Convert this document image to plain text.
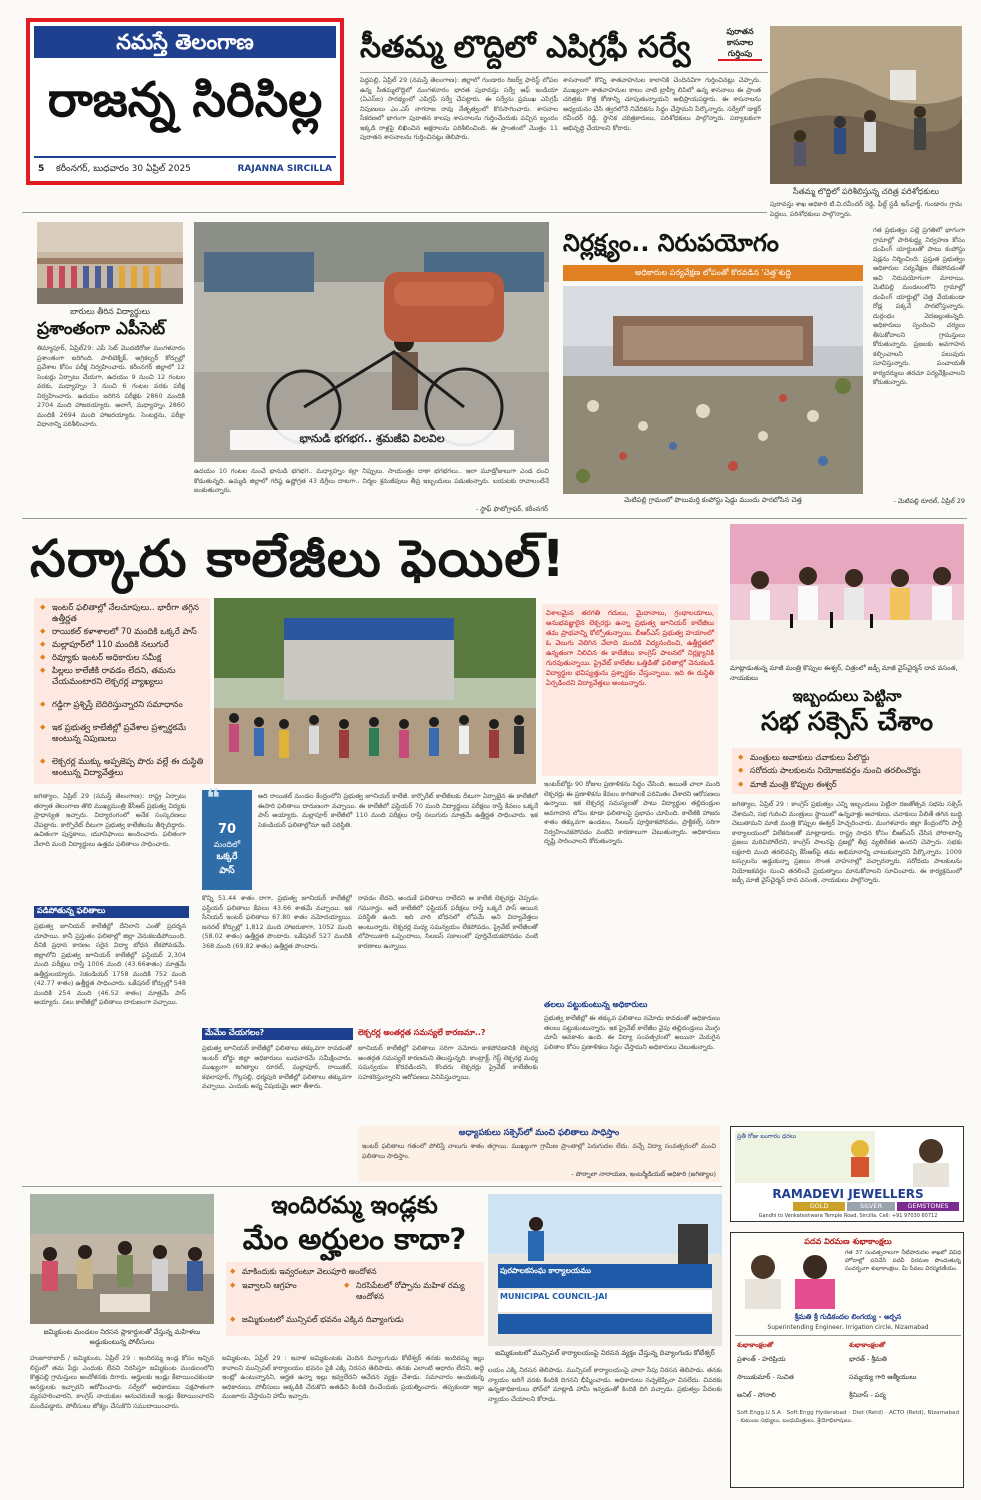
నమస్తే తెలంగాణ
రాజన్న సిరిసిల్ల
5 కరీంనగర్, బుధవారం 30 ఏప్రిల్ 2025	RAJANNA SIRCILLA
సీతమ్మ లొద్దిలో ఎపిగ్రఫీ సర్వే	పురాతన కాసనాల గుర్తింపు
పెద్దపల్లి, ఏప్రిల్ 29 (నమస్తే తెలంగాణ): జిల్లాలో గుండారం రిజర్వ్ ఫారెస్ట్ లోపల ఉన్న సీతమ్మలొద్దిలో మంగళవారం భారత పురావస్తు సర్వే ఆఫ్ ఇండియా (ఏఎస్‌ఐ) సారథ్యంలో ఎపిగ్రఫీ సర్వే చేపట్టారు. ఈ సర్వేను ప్రముఖ ఎపిగ్రఫీ నిపుణులు ఎం.ఎస్ నాగరాజ రావు నేతృత్వంలో కొనసాగించారు. శాసనాల సేకరణలో భాగంగా పురాతన కాలపు శాసనాలను గుర్తించేందుకు వచ్చిన బృందం ఇక్కడి రాళ్లపై లిఖించిన అక్షరాలను పరిశీలించింది. ఈ ప్రాంతంలో మొత్తం 11 పురాతన శాసనాలను గుర్తించినట్లు తెలిపారు.
శాసనాలలో కొన్ని శాతవాహనుల కాలానికి చెందినవిగా గుర్తించినట్లు చెప్పారు. ముఖ్యంగా శాతవాహనుల కాలం నాటి బ్రాహ్మీ లిపిలో ఉన్న శాసనాలు ఈ ప్రాంత చరిత్రకు కొత్త కోణాన్ని చూపుతున్నాయని అభిప్రాయపడ్డారు. ఈ శాసనాలను అధ్యయనం చేసి త్వరలోనే నివేదికను సిద్ధం చేస్తామని పేర్కొన్నారు. సర్వేలో డాక్టర్ రవీందర్ రెడ్డి, స్థానిక చరిత్రకారులు, పరిశోధకులు పాల్గొన్నారు. పర్యాటకంగా అభివృద్ధి చేయాలని కోరారు.
సీతమ్మ లొద్దిలో పరిశీలిస్తున్న చరిత్ర పరిశోధకులు
పురావస్తు శాఖ అధికారి టి.వి.రవీందర్ రెడ్డి, ఫీల్డ్ స్టడీ ఇన్‌ఛార్జ్, గుండారం గ్రామ పెద్దలు, పరిశోధకులు పాల్గొన్నారు.
బారులు తీరిన విద్యార్థులు
ప్రశాంతంగా ఎపీసెట్
తిమ్మాపూర్, ఏప్రిల్29: ఎపీ సెట్ మొదటిరోజు మంగళవారం ప్రశాంతంగా జరిగింది. పాలిటెక్నిక్, అగ్రికల్చర్ కోర్సుల్లో ప్రవేశాల కోసం పరీక్ష నిర్వహించారు. కరీంనగర్ జిల్లాలో 12 సెంటర్లు ఏర్పాటు చేయగా, ఉదయం 9 నుంచి 12 గంటల వరకు, మధ్యాహ్నం 3 నుంచి 6 గంటల వరకు పరీక్ష నిర్వహించారు. ఉదయం జరిగిన పరీక్షకు 2860 మందికి 2704 మంది హాజరయ్యారు. అలాగే, మధ్యాహ్నం 2860 మందికి 2694 మంది హాజరయ్యారు. సెంటర్లను, పరీక్షా విధానాన్ని పరిశీలించారు.
భానుడి భగభగ.. శ్రమజీవి విలవిల
ఉదయం 10 గంటల నుంచే భానుడి భగభగ.. మధ్యాహ్నం కల్లా నిప్పులు. సాయంత్రం దాకా భగభగలు.. ఇలా మూడ్రోజులుగా ఎండ దంచి కొడుతున్నది. ఉమ్మడి జిల్లాలో గరిష్ఠ ఉష్ణోగ్రత 43 డిగ్రీలు దాటగా.. నిర్మల శ్రమజీవులు తీవ్ర ఇబ్బందులు పడుతున్నారు. బయటకు రావాలంటేనే జంకుతున్నారు.
- స్టాఫ్ ఫొటోగ్రాఫర్, కరీంనగర్
నిర్లక్ష్యం.. నిరుపయోగం
అధికారుల పర్యవేక్షణ లోపంతో కొరవడిన 'చెత్త'శుద్ధి
మెటిపల్లి గ్రామంలో పొలుమర్తి కంపోస్టు షెడ్డు ముందు పారబోసిన చెత్త
గత ప్రభుత్వం పల్లె ప్రగతిలో భాగంగా గ్రామాల్లో పారిశుద్ధ్య నిర్వహణ కోసం డంపింగ్ యార్డులతో పాటు కంపోస్టు షెడ్లను నిర్మించింది. ప్రస్తుత ప్రభుత్వం అధికారుల పర్యవేక్షణ లేకపోవడంతో అవి నిరుపయోగంగా మారాయి. మెటిపల్లి మండలంలోని గ్రామాల్లో డంపింగ్ యార్డుల్లో చెత్త వేయకుండా రోడ్ల పక్కనే పారబోస్తున్నారు. దుర్గంధం వెదజల్లుతున్నది. అధికారులు స్పందించి చర్యలు తీసుకోవాలని గ్రామస్తులు కోరుతున్నారు. ప్రజలకు అవగాహన కల్పించాలని పలువురు సూచిస్తున్నారు. పంచాయతీ కార్యదర్శులు తరచూ పర్యవేక్షించాలని కోరుతున్నారు.
- మెటిపల్లి రూరల్, ఏప్రిల్ 29
సర్కారు కాలేజీలు ఫెయిల్!
◆ ఇంటర్ ఫలితాల్లో నేలచూపులు.. భారీగా తగ్గిన ఉత్తీర్ణత
◆ రాయికల్ కళాశాలలో 70 మందికి ఒక్కరే పాస్
◆ మల్లాపూర్‌లో 110 మందికి నలుగురే
◆ రివ్యూకు ఇంటర్ అధికారుల సమీక్ష
◆ పిల్లలు కాలేజీకి రావడం లేదని, తమను చేయమంటారని లెక్చరర్ల వ్యాఖ్యలు
◆ గడ్డిగా ప్రశ్నిస్తే బెదిరిస్తున్నారని సమాధానం
◆ ఇక ప్రభుత్వ కాలేజీల్లో ప్రవేశాల ప్రశ్నార్థకమే అంటున్న నిపుణులు
◆ లెక్చరర్ల ముక్కు అప్పజెప్ప పొరు వల్లే ఈ దుస్థితి అంటున్న విద్యావేత్తలు
విశాలమైన తరగతి గదులు, మైదానాలు, గ్రంథాలయాలు, అనుభవజ్ఞులైన లెక్చరర్లు ఉన్నా ప్రభుత్వ జూనియర్ కాలేజీలు తమ ప్రాభవాన్ని కోల్పోతున్నాయి. బీఆర్ఎస్ ప్రభుత్వ హయాంలో ఓ వెలుగు వెలిగిన వేలాది మందికి విద్యనందించి, ఉత్తీర్ణతలో ఉన్నతంగా నిలిచిన ఈ కాలేజీలు కాంగ్రెస్ పాలనలో నిర్లక్ష్యానికి గురవుతున్నాయి. ప్రైవేట్ కాలేజీల ఒత్తిడితో ఫలితాల్లో వెనుకబడి విద్యార్థుల భవిష్యత్తును ప్రశ్నార్థకం చేస్తున్నాయి. ఇది ఈ దుస్థితి ఏర్పడిందని విద్యావేత్తలు అంటున్నారు.
జగిత్యాల, ఏప్రిల్ 29 (నమస్తే తెలంగాణ): రాష్ట్ర ఏర్పాటు తర్వాత తెలంగాణ తొలి ముఖ్యమంత్రి కేసీఆర్ ప్రభుత్వ విద్యకు ప్రాధాన్యత ఇచ్చారు. విద్యారంగంలో అనేక సంస్కరణలు చేపట్టారు. కార్పొరేట్ దీటుగా ప్రభుత్వ కాలేజీలను తీర్చిదిద్దారు. ఉచితంగా పుస్తకాలు, యూనిఫాంలు అందించారు. ఫలితంగా వేలాది మంది విద్యార్థులు ఉత్తమ ఫలితాలు సాధించారు.
పడిపోతున్న ఫలితాలు
ప్రభుత్వ జూనియర్ కాలేజీల్లో దేనిలాని ఎంతో ప్రదర్శన చూపాయి. కానీ ప్రస్తుతం ఫలితాల్లో జిల్లా వెనుకబడిపోయింది. దీనికి ప్రధాన కారణం సరైన విద్యా బోధన లేకపోవడమే. జిల్లాలోని ప్రభుత్వ జూనియర్ కాలేజీల్లో ఫస్టియర్ 2,304 మంది పరీక్షలు రాస్తే 1006 మంది (43.66శాతం) మాత్రమే ఉత్తీర్ణులయ్యారు. సెకండియర్ 1758 మందికి 752 మంది (42.77 శాతం) ఉత్తీర్ణత సాధించారు. ఒకేషనల్ కోర్సుల్లో 548 మందికి 254 మంది (46.52 శాతం) మాత్రమే పాస్ అయ్యారు. పలు కాలేజీల్లో ఫలితాలు దారుణంగా వచ్చాయి.
❝
70
మందిలో
ఒక్కరే
పాస్
అది రాయికల్ మండల కేంద్రంలోని ప్రభుత్వ జూనియర్ కాలేజీ. కార్పొరేట్ కాలేజీలకు దీటుగా ఏర్పాటైన ఈ కాలేజీలో ఈసారి ఫలితాలు దారుణంగా వచ్చాయి. ఈ కాలేజీలో ఫస్టియర్ 70 మంది విద్యార్థులు పరీక్షలు రాస్తే కేవలం ఒక్కరే పాస్ అయ్యారు. మల్లాపూర్ కాలేజీలో 110 మంది పరీక్షలు రాస్తే నలుగురు మాత్రమే ఉత్తీర్ణత సాధించారు. ఇక సెకండియర్ ఫలితాల్లోనూ ఇదే పరిస్థితి.
కొన్ని 51.44 శాతం రాగా, ప్రభుత్వ జూనియర్ కాలేజీల్లో ఫస్టియర్ ఫలితాలు కేవలం 43.66 శాతమే వచ్చాయి. ఇక సీనియర్ ఇంటర్ ఫలితాలు 67.80 శాతం నమోదయ్యాయి. జనరల్ కోర్సుల్లో 1,812 మంది హాజరుకాగా, 1052 మంది (58.02 శాతం) ఉత్తీర్ణత పొందారు. ఒకేషనల్ 527 మందికి 368 మంది (69.82 శాతం) ఉత్తీర్ణత పొందారు.
మేమేం చేయగలం?
ప్రభుత్వ జూనియర్ కాలేజీల్లో ఫలితాలు తక్కువగా రావడంతో ఇంటర్ బోర్డు జిల్లా అధికారులు బుధవారమే సమీక్షించారు. ముఖ్యంగా జగిత్యాల రూరల్, మల్లాపూర్, రాయికల్, కథలాపూర్, గొల్లపల్లి, ధర్మపురి కాలేజీల్లో ఫలితాలు తక్కువగా వచ్చాయి. ఎందుకు అన్న విషయమై ఆరా తీశారు.
రావడం లేదని, అందుకే ఫలితాలు రాలేదని ఆ కాలేజీ లెక్చరర్లు చెప్పడం గమనార్హం. అదే కాలేజీలో ఫస్టియర్ పరీక్షలు రాస్తే ఒక్కరే పాస్ అయిన పరిస్థితి ఉంది. ఇది వారి బోధనలో లోపమే అని విద్యావేత్తలు అంటున్నారు. లెక్చరర్ల మధ్య సమన్వయం లేకపోవడం, ప్రైవేట్ కాలేజీలతో లోపాయికారి ఒప్పందాలు, సిలబస్ సకాలంలో పూర్తిచేయకపోవడం వంటి కారణాలు ఉన్నాయి.
లెక్చరర్ల అంతర్గత సమస్యలే కారణమా..?
జూనియర్ కాలేజీల్లో ఫలితాలు సరిగా నమోదు కాకపోవడానికి లెక్చరర్ల అంతర్గత సమస్యలే కారణమని తెలుస్తున్నది. కాంట్రాక్ట్, గెస్ట్ లెక్చరర్ల మధ్య సమన్వయం కొరవడిందని, కొందరు లెక్చరర్లు ప్రైవేట్ కాలేజీలకు సహకరిస్తున్నారని ఆరోపణలు వినిపిస్తున్నాయి.
ఇంటర్‌బోర్డు 90 రోజుల ప్రణాళికను సిద్ధం చేసింది. అయితే చాలా మంది లెక్చరర్లు ఈ ప్రణాళికను కేవలం కాగితాలకే పరిమితం చేశారని ఆరోపణలు ఉన్నాయి. ఇక లెక్చరర్ల సమస్యలతో పాటు విద్యార్థుల తల్లిదండ్రుల అవగాహన లోపం కూడా ఫలితాలపై ప్రభావం చూపింది. కాలేజీకి హాజరు శాతం తక్కువగా ఉండటం, సిలబస్ పూర్తికాకపోవడం, ప్రాక్టికల్స్ సరిగా నిర్వహించకపోవడం వంటివి కారణాలుగా చెబుతున్నారు. అధికారులు దృష్టి సారించాలని కోరుతున్నారు.
తలలు పట్టుకుంటున్న అధికారులు
ప్రభుత్వ కాలేజీల్లో ఈ తక్కువ ఫలితాలు నమోదు కావడంతో అధికారులు తలలు పట్టుకుంటున్నారు. ఇక ప్రైవేట్ కాలేజీల వైపు తల్లిదండ్రులు మొగ్గు చూపే అవకాశం ఉంది. ఈ విద్యా సంవత్సరంలో అయినా మెరుగైన ఫలితాల కోసం ప్రణాళికలు సిద్ధం చేస్తామని అధికారులు చెబుతున్నారు.
అధ్యాపకులు సక్సెస్‌లో మంచి ఫలితాలు సాధిస్తాం
ఇంటర్ ఫలితాలు గతంలో పోలిస్తే నాలుగు శాతం తగ్గాయి. ముఖ్యంగా గ్రామీణ ప్రాంతాల్లో పెరుగుదల లేదు. వచ్చే విద్యా సంవత్సరంలో మంచి ఫలితాలు సాధిస్తాం.
- పొర్నాలా నారాయణ, ఇంటర్మీడియట్ అధికారి (జగిత్యాల)
మాట్లాడుతున్న మాజీ మంత్రి కొప్పుల ఈశ్వర్, చిత్రంలో జడ్పీ మాజీ వైస్‌చైర్మన్ దావ వసంత, నాయకులు
ఇబ్బందులు పెట్టినా
సభ సక్సెస్ చేశాం
◆ మంత్రులు అవాకులు చవాకులు పేలొద్దు
◆ సరోదయ పాలకులను నియోజకవర్గం నుంచి తరలించొద్దు
◆ మాజీ మంత్రి కొప్పుల ఈశ్వర్
జగిత్యాల, ఏప్రిల్ 29 : కాంగ్రెస్ ప్రభుత్వం ఎన్ని ఇబ్బందులు పెట్టినా రజతోత్సవ సభను సక్సెస్ చేశామని, సభ గురించి మంత్రులు స్థాయిలో ఉన్నవాళ్లు అవాకులు, చవాకులు పేలితే తగిన బుద్ధి చెబుతామని మాజీ మంత్రి కొప్పుల ఈశ్వర్ హెచ్చరించారు. మంగళవారం జిల్లా కేంద్రంలోని పార్టీ కార్యాలయంలో విలేకరులతో మాట్లాడారు. రాష్ట్ర సాధన కోసం బీఆర్ఎస్ చేసిన పోరాటాన్ని ప్రజలు మరిచిపోలేదని, కాంగ్రెస్ పాలనపై ప్రజల్లో తీవ్ర వ్యతిరేకత ఉందని చెప్పారు. సభకు లక్షలాది మంది తరలివచ్చి కేసీఆర్‌పై తమ అభిమానాన్ని చాటుకున్నారని పేర్కొన్నారు. 1009 బస్సులను అడ్డుకున్నా ప్రజలు సొంత వాహనాల్లో వచ్చారన్నారు. సరోదయ పాలకులను నియోజకవర్గం నుంచి తరలించే ప్రయత్నాలు మానుకోవాలని సూచించారు. ఈ కార్యక్రమంలో జడ్పీ మాజీ వైస్‌చైర్మన్ దావ వసంత, నాయకులు పాల్గొన్నారు.
జమ్మికుంట మండలం నిరసన ప్లాకార్డులతో వేస్తున్న మహిళలు అడ్డుకుంటున్న పోలీసులు
ఇందిరమ్మ ఇండ్లకు
మేం అర్హులం కాదా?
◆ మాకిందుకు ఇవ్వరంటూ వెలుపూరి అందోళన
◆ ఇవ్వాలని ఆగ్రహం
◆	నిరసిపేటలో రోప్పాను మహిళ రమ్య ఆందోళన
◆ జమ్మికుంటలో మున్సిపల్ భవనం ఎక్కిన దివ్యాంగుడు
పురపాలకసంఘ కార్యాలయము
MUNICIPAL COUNCIL-JAI
జమ్మికుంటలో మున్సిపల్ కార్యాలయంపై నిరసన వ్యక్తం చేస్తున్న దివ్యాంగుడు కోటేశ్వర్
హుజూరాబాద్ / జమ్మికుంట, ఏప్రిల్ 29 : ఇందిరమ్మ ఇండ్ల కోసం ఇచ్చిన లిస్టులో తమ పేర్లు ఎందుకు లేవని నిరసిస్తూ జమ్మికుంట మండలంలోని కొత్తపల్లి గ్రామస్తులు అందోళనకు దిగారు. అర్హులకు ఇండ్లు కేటాయించకుండా అనర్హులకు ఇచ్చారని ఆరోపించారు. సర్వేలో అధికారులు పక్షపాతంగా వ్యవహరించారని, కాంగ్రెస్ నాయకుల అనుచరులకే ఇండ్లు కేటాయించారని మండిపడ్డారు. పోలీసులు జోక్యం చేసుకొని సముదాయించారు.
జమ్మికుంట, ఏప్రిల్ 29 : ఇవాళ జమ్మికుంటకు చెందిన దివ్యాంగుడు కోటేశ్వర్ తనకు ఇందిరమ్మ ఇల్లు కావాలని మున్సిపల్ కార్యాలయం భవనం పైకి ఎక్కి నిరసన తెలిపాడు. తనకు ఎలాంటి ఆధారం లేదని, అద్దె ఇంట్లో ఉంటున్నానని, అర్హత ఉన్నా ఇల్లు ఇవ్వలేదని ఆవేదన వ్యక్తం చేశాడు. సమాచారం అందుకున్న అధికారులు, పోలీసులు అక్కడికి చేరుకొని అతడిని కిందికి దించేందుకు ప్రయత్నించారు. తప్పకుండా ఇల్లు మంజూరు చేస్తామని హామీ ఇచ్చారు.
లయం ఎక్కి నిరసన తెలిపాడు. మున్సిపల్ కార్యాలయంపై చాలా సేపు నిరసన తెలిపాడు. తనకు న్యాయం జరిగే వరకు కిందికి దిగనని భీష్మించాడు. అధికారులు నచ్చజెప్పినా వినలేదు. చివరకు ఉన్నతాధికారులు ఫోన్‌లో మాట్లాడి హామీ ఇవ్వడంతో కిందికి దిగి వచ్చాడు. ప్రభుత్వం పేదలకు న్యాయం చేయాలని కోరాడు.
ప్రతీ రోజు బంగారం ధరలు
RAMADEVI JEWELLERS
GOLD	SILVER	GEMSTONES
Gandhi to Venkateshwara Temple Road, Sircilla. Cell: +91 97030 60712
పదవ విరమణ శుభాకాంక్షలు
గత 37 సంవత్సరాలుగా నీటిపారుదల శాఖలో వివిధ హోదాల్లో పనిచేసి పదవీ విరమణ పొందుతున్న సందర్భంగా శుభాకాంక్షలు. మీ సేవలు చిరస్మరణీయం.
శ్రీమతి శ్రీ గుడికందల లింగయ్య - అర్చన
Superintending Engineer, Irrigation circle, Nizamabad
శుభాకాంక్షలతో
ప్రశాంత్ - హరిప్రియ
సాయికుమార్ - సుచిత
అనిల్ - సోనాలి
శుభాకాంక్షలతో
భారత్ - శ్రీమతి
సమ్మయ్య గారి ఆత్మీయులు
శ్రీనివాస్ - పద్మ
Soft.Engg.U.S.A · Soft.Engg Hyderabad · Diet (Retd) · ACTO (Retd), Nizamabad · కుటుంబ సభ్యులు, బంధుమిత్రులు, శ్రేయోభిలాషులు.
